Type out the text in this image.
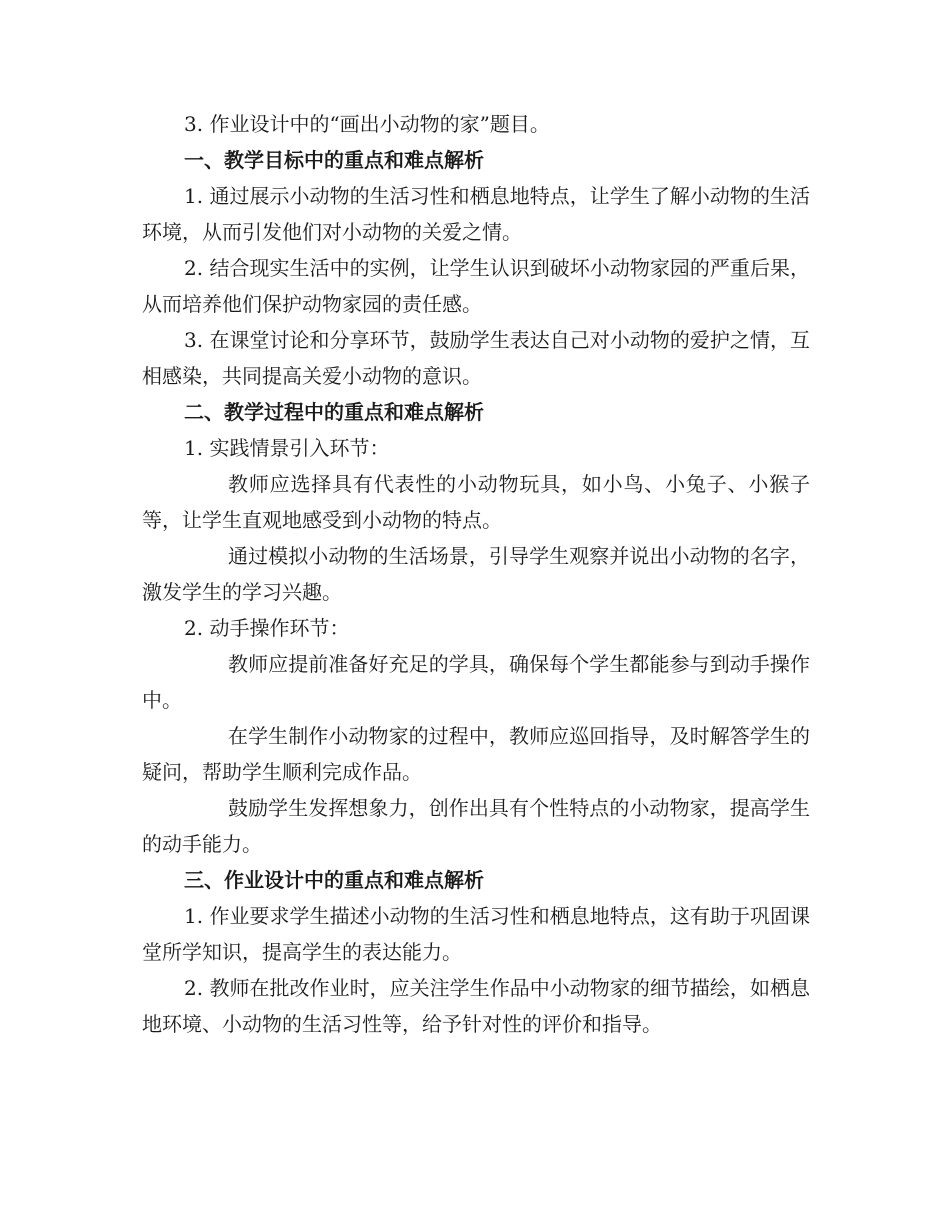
3. 作业设计中的“画出小动物的家”题目。

一、教学目标中的重点和难点解析

1. 通过展示小动物的生活习性和栖息地特点，让学生了解小动物的生活环境，从而引发他们对小动物的关爱之情。

2. 结合现实生活中的实例，让学生认识到破坏小动物家园的严重后果，从而培养他们保护动物家园的责任感。

3. 在课堂讨论和分享环节，鼓励学生表达自己对小动物的爱护之情，互相感染，共同提高关爱小动物的意识。

二、教学过程中的重点和难点解析

1. 实践情景引入环节：

教师应选择具有代表性的小动物玩具，如小鸟、小兔子、小猴子等，让学生直观地感受到小动物的特点。

通过模拟小动物的生活场景，引导学生观察并说出小动物的名字，激发学生的学习兴趣。

2. 动手操作环节：

教师应提前准备好充足的学具，确保每个学生都能参与到动手操作中。

在学生制作小动物家的过程中，教师应巡回指导，及时解答学生的疑问，帮助学生顺利完成作品。

鼓励学生发挥想象力，创作出具有个性特点的小动物家，提高学生的动手能力。

三、作业设计中的重点和难点解析

1. 作业要求学生描述小动物的生活习性和栖息地特点，这有助于巩固课堂所学知识，提高学生的表达能力。

2. 教师在批改作业时，应关注学生作品中小动物家的细节描绘，如栖息地环境、小动物的生活习性等，给予针对性的评价和指导。
